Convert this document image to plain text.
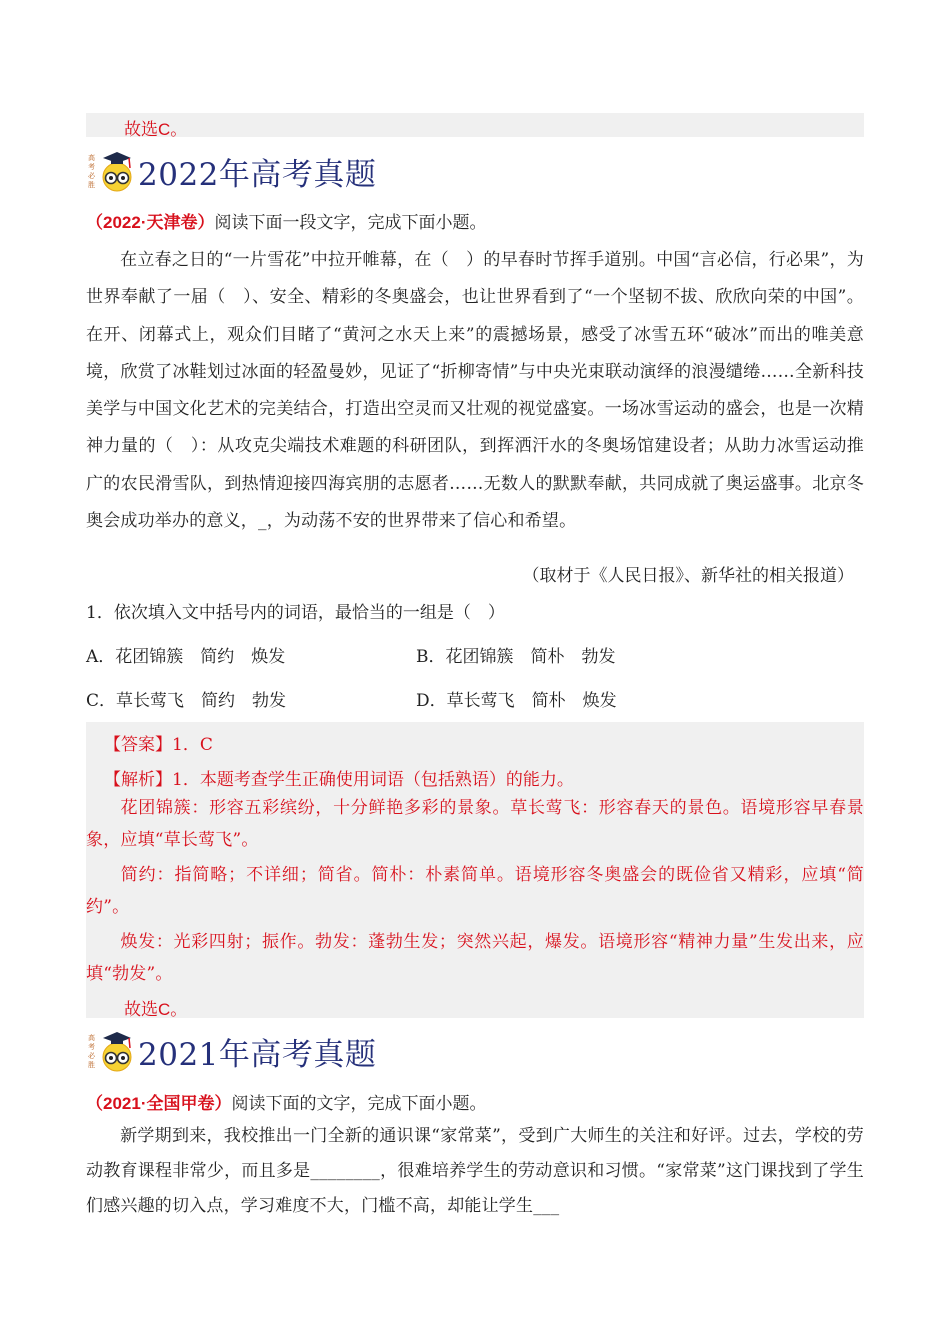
故选C。
高
考
必
胜 2022年高考真题
（2022·天津卷）阅读下面一段文字，完成下面小题。
在立春之日的“一片雪花”中拉开帷幕，在（　）的早春时节挥手道别。中国“言必信，行必果”，为世界奉献了一届（　）、安全、精彩的冬奥盛会，也让世界看到了“一个坚韧不拔、欣欣向荣的中国”。在开、闭幕式上，观众们目睹了“黄河之水天上来”的震撼场景，感受了冰雪五环“破冰”而出的唯美意境，欣赏了冰鞋划过冰面的轻盈曼妙，见证了“折柳寄情”与中央光束联动演绎的浪漫缱绻……全新科技美学与中国文化艺术的完美结合，打造出空灵而又壮观的视觉盛宴。一场冰雪运动的盛会，也是一次精神力量的（　）：从攻克尖端技术难题的科研团队，到挥洒汗水的冬奥场馆建设者；从助力冰雪运动推广的农民滑雪队，到热情迎接四海宾朋的志愿者……无数人的默默奉献，共同成就了奥运盛事。北京冬奥会成功举办的意义，_，为动荡不安的世界带来了信心和希望。
（取材于《人民日报》、新华社的相关报道）
1．依次填入文中括号内的词语，最恰当的一组是（　）
A．花团锦簇　简约　焕发	B．花团锦簇　简朴　勃发
C．草长莺飞　简约　勃发	D．草长莺飞　简朴　焕发
【答案】1．C
【解析】1．本题考查学生正确使用词语（包括熟语）的能力。
花团锦簇：形容五彩缤纷，十分鲜艳多彩的景象。草长莺飞：形容春天的景色。语境形容早春景象，应填“草长莺飞”。
简约：指简略；不详细；简省。简朴：朴素简单。语境形容冬奥盛会的既俭省又精彩，应填“简约”。
焕发：光彩四射；振作。勃发：蓬勃生发；突然兴起，爆发。语境形容“精神力量”生发出来，应填“勃发”。
故选C。
高
考
必
胜 2021年高考真题
（2021·全国甲卷）阅读下面的文字，完成下面小题。
新学期到来，我校推出一门全新的通识课“家常菜”，受到广大师生的关注和好评。过去，学校的劳动教育课程非常少，而且多是________，很难培养学生的劳动意识和习惯。“家常菜”这门课找到了学生们感兴趣的切入点，学习难度不大，门槛不高，却能让学生___
